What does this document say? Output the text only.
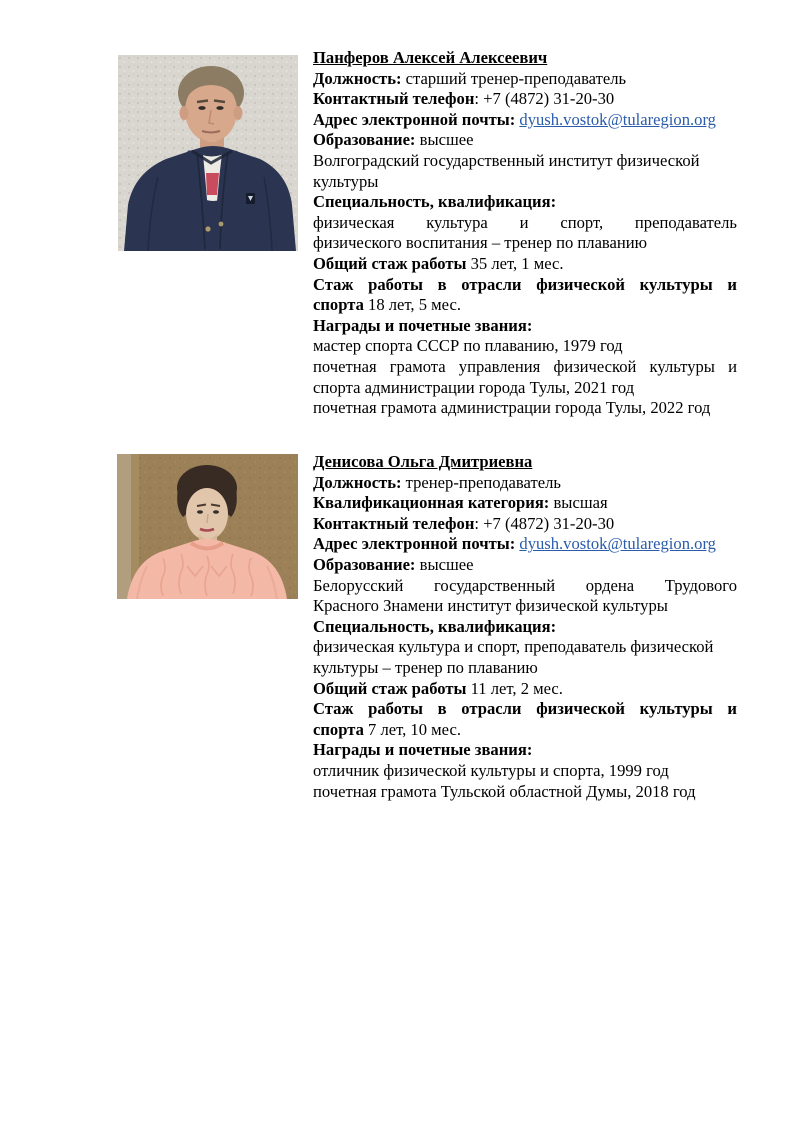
Панферов Алексей Алексеевич
Должность: старший тренер-преподаватель
Контактный телефон: +7 (4872) 31-20-30
Адрес электронной почты: dyush.vostok@tularegion.org
Образование: высшее
Волгоградский государственный институт физической
культуры
Специальность, квалификация:
физическая культура и спорт, преподаватель
физического воспитания – тренер по плаванию
Общий стаж работы 35 лет, 1 мес.
Стаж работы в отрасли физической культуры и
спорта 18 лет, 5 мес.
Награды и почетные звания:
мастер спорта СССР по плаванию, 1979 год
почетная грамота управления физической культуры и
спорта администрации города Тулы, 2021 год
почетная грамота администрации города Тулы, 2022 год
Денисова Ольга Дмитриевна
Должность: тренер-преподаватель
Квалификационная категория: высшая
Контактный телефон: +7 (4872) 31-20-30
Адрес электронной почты: dyush.vostok@tularegion.org
Образование: высшее
Белорусский государственный ордена Трудового
Красного Знамени институт физической культуры
Специальность, квалификация:
физическая культура и спорт, преподаватель физической
культуры – тренер по плаванию
Общий стаж работы 11 лет, 2 мес.
Стаж работы в отрасли физической культуры и
спорта 7 лет, 10 мес.
Награды и почетные звания:
отличник физической культуры и спорта, 1999 год
почетная грамота Тульской областной Думы, 2018 год
